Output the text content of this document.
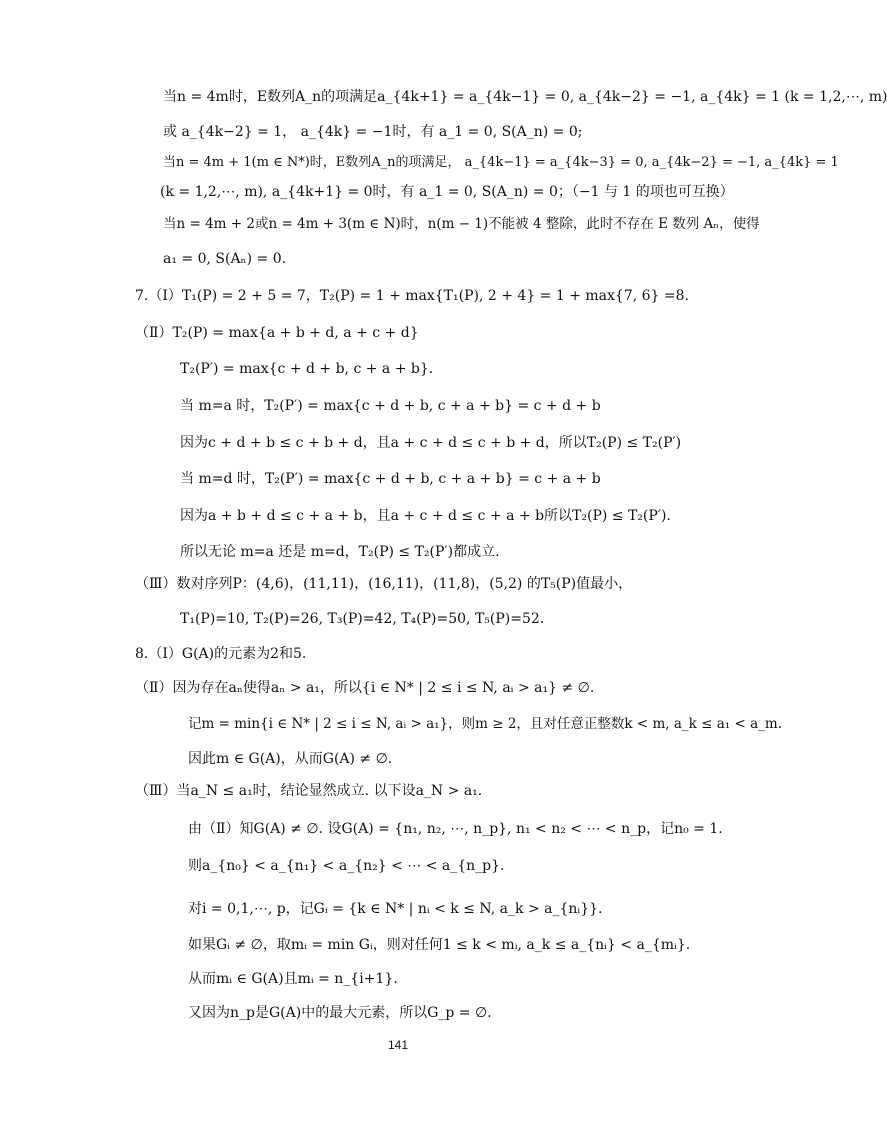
当n = 4m时，E数列A_n的项满足a_{4k+1} = a_{4k−1} = 0, a_{4k−2} = −1, a_{4k} = 1 (k = 1,2,⋯, m)
或 a_{4k−2} = 1， a_{4k} = −1时，有 a_1 = 0, S(A_n) = 0;
当n = 4m + 1(m ∈ N*)时，E数列A_n的项满足， a_{4k−1} = a_{4k−3} = 0, a_{4k−2} = −1, a_{4k} = 1
(k = 1,2,⋯, m), a_{4k+1} = 0时，有 a_1 = 0, S(A_n) = 0；（−1 与 1 的项也可互换）
当n = 4m + 2或n = 4m + 3(m ∈ N)时，n(m − 1)不能被 4 整除，此时不存在 E 数列 Aₙ，使得
a₁ = 0, S(Aₙ) = 0.
7.（Ⅰ）T₁(P) = 2 + 5 = 7，T₂(P) = 1 + max{T₁(P), 2 + 4} = 1 + max{7, 6} =8.
（Ⅱ）T₂(P) = max{a + b + d, a + c + d}
T₂(P′) = max{c + d + b, c + a + b}.
当 m=a 时，T₂(P′) = max{c + d + b, c + a + b} = c + d + b
因为c + d + b ≤ c + b + d，且a + c + d ≤ c + b + d，所以T₂(P) ≤ T₂(P′)
当 m=d 时，T₂(P′) = max{c + d + b, c + a + b} = c + a + b
因为a + b + d ≤ c + a + b，且a + c + d ≤ c + a + b所以T₂(P) ≤ T₂(P′).
所以无论 m=a 还是 m=d，T₂(P) ≤ T₂(P′)都成立.
（Ⅲ）数对序列P：(4,6)，(11,11)，(16,11)，(11,8)，(5,2) 的T₅(P)值最小，
T₁(P)=10, T₂(P)=26, T₃(P)=42, T₄(P)=50, T₅(P)=52.
8.（Ⅰ）G(A)的元素为2和5.
（Ⅱ）因为存在aₙ使得aₙ > a₁，所以{i ∈ N* | 2 ≤ i ≤ N, aᵢ > a₁} ≠ ∅.
记m = min{i ∈ N* | 2 ≤ i ≤ N, aᵢ > a₁}，则m ≥ 2，且对任意正整数k < m, a_k ≤ a₁ < a_m.
因此m ∈ G(A)，从而G(A) ≠ ∅.
（Ⅲ）当a_N ≤ a₁时，结论显然成立. 以下设a_N > a₁.
由（Ⅱ）知G(A) ≠ ∅. 设G(A) = {n₁, n₂, ⋯, n_p}, n₁ < n₂ < ⋯ < n_p，记n₀ = 1.
则a_{n₀} < a_{n₁} < a_{n₂} < ⋯ < a_{n_p}.
对i = 0,1,⋯, p，记Gᵢ = {k ∈ N* | nᵢ < k ≤ N, a_k > a_{nᵢ}}.
如果Gᵢ ≠ ∅，取mᵢ = min Gᵢ，则对任何1 ≤ k < mᵢ, a_k ≤ a_{nᵢ} < a_{mᵢ}.
从而mᵢ ∈ G(A)且mᵢ = n_{i+1}.
又因为n_p是G(A)中的最大元素，所以G_p = ∅.
141
